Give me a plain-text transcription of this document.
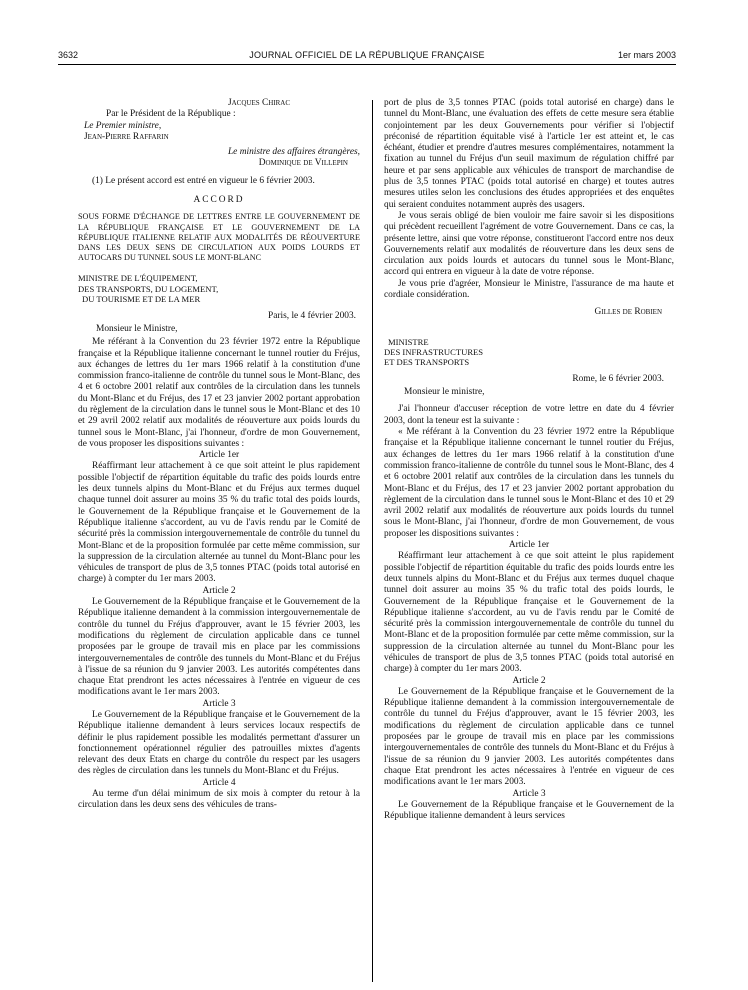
3632	JOURNAL OFFICIEL DE LA RÉPUBLIQUE FRANÇAISE	1er mars 2003

Jacques Chirac

Par le Président de la République :

Le Premier ministre,

Jean-Pierre Raffarin

Le ministre des affaires étrangères,

Dominique de Villepin

(1) Le présent accord est entré en vigueur le 6 février 2003.

ACCORD

SOUS FORME D'ÉCHANGE DE LETTRES ENTRE LE GOUVERNEMENT DE LA RÉPUBLIQUE FRANÇAISE ET LE GOUVERNEMENT DE LA RÉPUBLIQUE ITALIENNE RELATIF AUX MODALITÉS DE RÉOUVERTURE DANS LES DEUX SENS DE CIRCULATION AUX POIDS LOURDS ET AUTOCARS DU TUNNEL SOUS LE MONT-BLANC

MINISTRE DE L'ÉQUIPEMENT,

DES TRANSPORTS, DU LOGEMENT,

DU TOURISME ET DE LA MER

Paris, le 4 février 2003.

Monsieur le Ministre,

Me référant à la Convention du 23 février 1972 entre la République française et la République italienne concernant le tunnel routier du Fréjus, aux échanges de lettres du 1er mars 1966 relatif à la constitution d'une commission franco-italienne de contrôle du tunnel sous le Mont-Blanc, des 4 et 6 octobre 2001 relatif aux contrôles de la circulation dans les tunnels du Mont-Blanc et du Fréjus, des 17 et 23 janvier 2002 portant approbation du règlement de la circulation dans le tunnel sous le Mont-Blanc et des 10 et 29 avril 2002 relatif aux modalités de réouverture aux poids lourds du tunnel sous le Mont-Blanc, j'ai l'honneur, d'ordre de mon Gouvernement, de vous proposer les dispositions suivantes :

Article 1er

Réaffirmant leur attachement à ce que soit atteint le plus rapidement possible l'objectif de répartition équitable du trafic des poids lourds entre les deux tunnels alpins du Mont-Blanc et du Fréjus aux termes duquel chaque tunnel doit assurer au moins 35 % du trafic total des poids lourds, le Gouvernement de la République française et le Gouvernement de la République italienne s'accordent, au vu de l'avis rendu par le Comité de sécurité près la commission intergouvernementale de contrôle du tunnel du Mont-Blanc et de la proposition formulée par cette même commission, sur la suppression de la circulation alternée au tunnel du Mont-Blanc pour les véhicules de transport de plus de 3,5 tonnes PTAC (poids total autorisé en charge) à compter du 1er mars 2003.

Article 2

Le Gouvernement de la République française et le Gouvernement de la République italienne demandent à la commission intergouvernementale de contrôle du tunnel du Fréjus d'approuver, avant le 15 février 2003, les modifications du règlement de circulation applicable dans ce tunnel proposées par le groupe de travail mis en place par les commissions intergouvernementales de contrôle des tunnels du Mont-Blanc et du Fréjus à l'issue de sa réunion du 9 janvier 2003. Les autorités compétentes dans chaque Etat prendront les actes nécessaires à l'entrée en vigueur de ces modifications avant le 1er mars 2003.

Article 3

Le Gouvernement de la République française et le Gouvernement de la République italienne demandent à leurs services locaux respectifs de définir le plus rapidement possible les modalités permettant d'assurer un fonctionnement opérationnel régulier des patrouilles mixtes d'agents relevant des deux Etats en charge du contrôle du respect par les usagers des règles de circulation dans les tunnels du Mont-Blanc et du Fréjus.

Article 4

Au terme d'un délai minimum de six mois à compter du retour à la circulation dans les deux sens des véhicules de trans-

port de plus de 3,5 tonnes PTAC (poids total autorisé en charge) dans le tunnel du Mont-Blanc, une évaluation des effets de cette mesure sera établie conjointement par les deux Gouvernements pour vérifier si l'objectif préconisé de répartition équitable visé à l'article 1er est atteint et, le cas échéant, étudier et prendre d'autres mesures complémentaires, notamment la fixation au tunnel du Fréjus d'un seuil maximum de régulation chiffré par heure et par sens applicable aux véhicules de transport de marchandise de plus de 3,5 tonnes PTAC (poids total autorisé en charge) et toutes autres mesures utiles selon les conclusions des études appropriées et des enquêtes qui seraient conduites notamment auprès des usagers.

Je vous serais obligé de bien vouloir me faire savoir si les dispositions qui précèdent recueillent l'agrément de votre Gouvernement. Dans ce cas, la présente lettre, ainsi que votre réponse, constitueront l'accord entre nos deux Gouvernements relatif aux modalités de réouverture dans les deux sens de circulation aux poids lourds et autocars du tunnel sous le Mont-Blanc, accord qui entrera en vigueur à la date de votre réponse.

Je vous prie d'agréer, Monsieur le Ministre, l'assurance de ma haute et cordiale considération.

Gilles de Robien

MINISTRE

DES INFRASTRUCTURES

ET DES TRANSPORTS

Rome, le 6 février 2003.

Monsieur le ministre,

J'ai l'honneur d'accuser réception de votre lettre en date du 4 février 2003, dont la teneur est la suivante :

« Me référant à la Convention du 23 février 1972 entre la République française et la République italienne concernant le tunnel routier du Fréjus, aux échanges de lettres du 1er mars 1966 relatif à la constitution d'une commission franco-italienne de contrôle du tunnel sous le Mont-Blanc, des 4 et 6 octobre 2001 relatif aux contrôles de la circulation dans les tunnels du Mont-Blanc et du Fréjus, des 17 et 23 janvier 2002 portant approbation du règlement de la circulation dans le tunnel sous le Mont-Blanc et des 10 et 29 avril 2002 relatif aux modalités de réouverture aux poids lourds du tunnel sous le Mont-Blanc, j'ai l'honneur, d'ordre de mon Gouvernement, de vous proposer les dispositions suivantes :

Article 1er

Réaffirmant leur attachement à ce que soit atteint le plus rapidement possible l'objectif de répartition équitable du trafic des poids lourds entre les deux tunnels alpins du Mont-Blanc et du Fréjus aux termes duquel chaque tunnel doit assurer au moins 35 % du trafic total des poids lourds, le Gouvernement de la République française et le Gouvernement de la République italienne s'accordent, au vu de l'avis rendu par le Comité de sécurité près la commission intergouvernementale de contrôle du tunnel du Mont-Blanc et de la proposition formulée par cette même commission, sur la suppression de la circulation alternée au tunnel du Mont-Blanc pour les véhicules de transport de plus de 3,5 tonnes PTAC (poids total autorisé en charge) à compter du 1er mars 2003.

Article 2

Le Gouvernement de la République française et le Gouvernement de la République italienne demandent à la commission intergouvernementale de contrôle du tunnel du Fréjus d'approuver, avant le 15 février 2003, les modifications du règlement de circulation applicable dans ce tunnel proposées par le groupe de travail mis en place par les commissions intergouvernementales de contrôle des tunnels du Mont-Blanc et du Fréjus à l'issue de sa réunion du 9 janvier 2003. Les autorités compétentes dans chaque Etat prendront les actes nécessaires à l'entrée en vigueur de ces modifications avant le 1er mars 2003.

Article 3

Le Gouvernement de la République française et le Gouvernement de la République italienne demandent à leurs services
